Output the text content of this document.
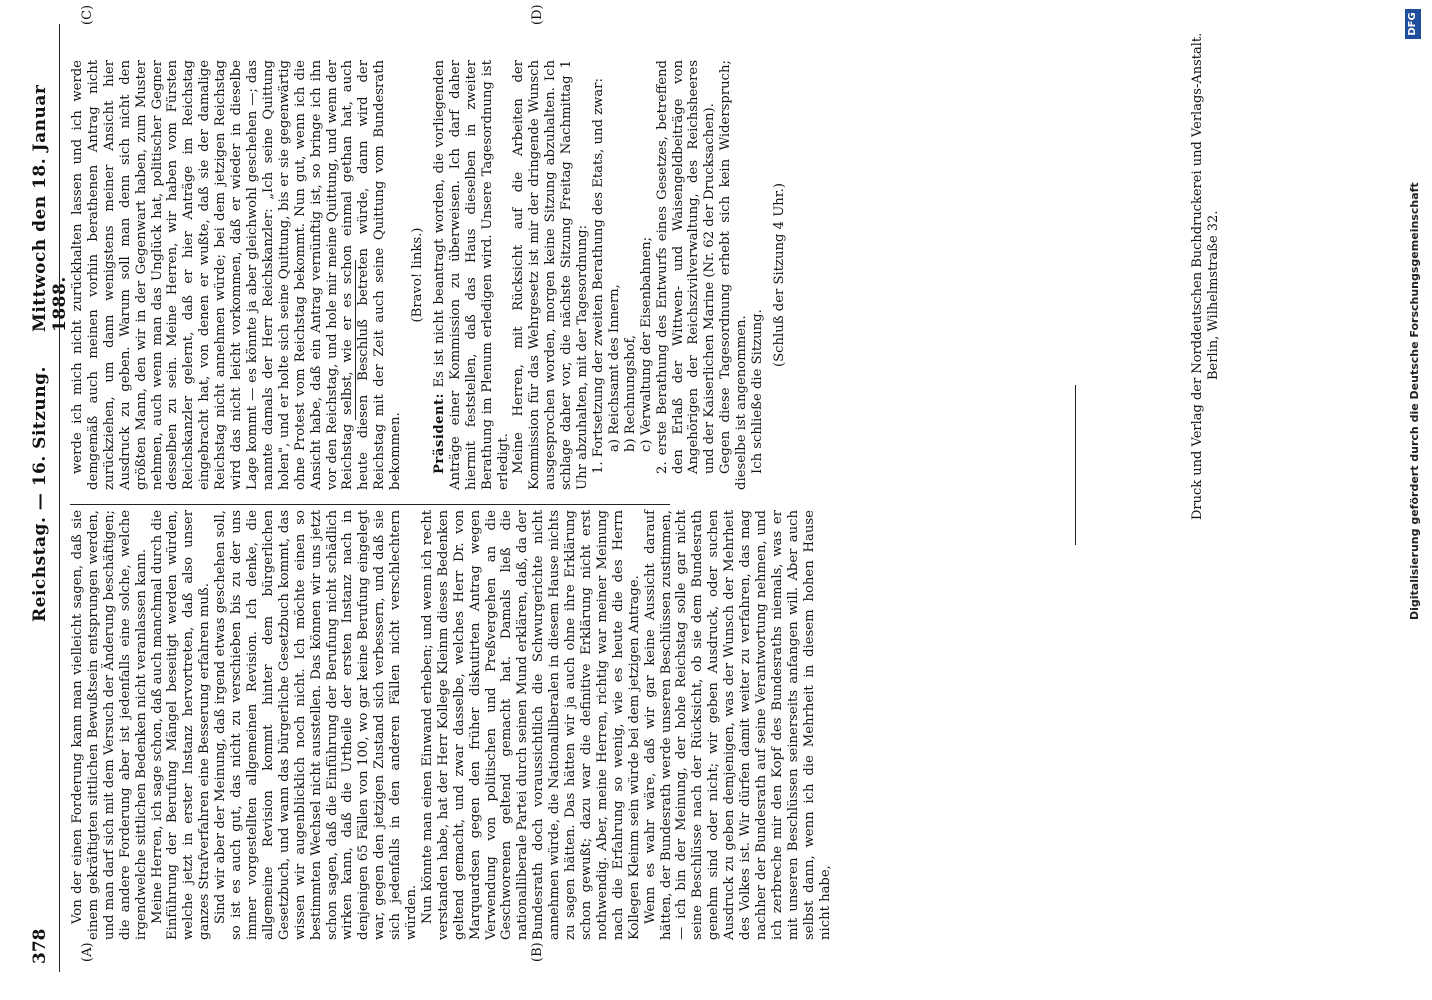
378
Reichstag. — 16. Sitzung.
Mittwoch den 18. Januar 1888.
(A)	(B)
(C)	(D)

Von der einen Forderung kann man vielleicht sagen, daß sie einem gekräftigten sittlichen Bewußtsein entsprungen werden, und man darf sich mit dem Versuch der Änderung beschäftigen; die andere Forderung aber ist jedenfalls eine solche, welche irgendwelche sittlichen Bedenken nicht veranlassen kann. Meine Herren, ich sage schon, daß auch manchmal durch die Einführung der Berufung Mängel beseitigt werden würden, welche jetzt in erster Instanz hervortreten, daß also unser ganzes Strafverfahren eine Besserung erfahren muß. Sind wir aber der Meinung, daß irgend etwas geschehen soll, so ist es auch gut, das nicht zu verschieben bis zu der uns immer vorgestellten allgemeinen Revision. Ich denke, die allgemeine Revision kommt hinter dem bürgerlichen Gesetzbuch, und wann das bürgerliche Gesetzbuch kommt, das wissen wir augenblicklich noch nicht. Ich möchte einen so bestimmten Wechsel nicht ausstellen. Das können wir uns jetzt schon sagen, daß die Einführung der Berufung nicht schädlich wirken kann, daß die Urtheile der ersten Instanz nach in denjenigen 65 Fällen von 100, wo gar keine Berufung eingelegt war, gegen den jetzigen Zustand sich verbessern, und daß sie sich jedenfalls in den anderen Fällen nicht verschlechtern würden. Nun könnte man einen Einwand erheben; und wenn ich recht verstanden habe, hat der Herr Kollege Kleinm dieses Bedenken geltend gemacht, und zwar dasselbe, welches Herr Dr. von Marquardsen gegen den früher diskutirten Antrag wegen Verwendung von politischen und Preßvergehen an die Geschworenen geltend gemacht hat. Damals ließ die nationalliberale Partei durch seinen Mund erklären, daß, da der Bundesrath doch voraussichtlich die Schwurgerichte nicht annehmen würde, die Nationalliberalen in diesem Hause nichts zu sagen hätten. Das hätten wir ja auch ohne ihre Erklärung schon gewußt; dazu war die definitive Erklärung nicht erst nothwendig. Aber, meine Herren, richtig war meiner Meinung nach die Erfahrung so wenig, wie es heute die des Herrn Kollegen Kleinm sein würde bei dem jetzigen Antrage. Wenn es wahr wäre, daß wir gar keine Aussicht darauf hätten, der Bundesrath werde unseren Beschlüssen zustimmen, — ich bin der Meinung, der hohe Reichstag solle gar nicht seine Beschlüsse nach der Rücksicht, ob sie dem Bundesrath genehm sind oder nicht; wir geben Ausdruck, oder suchen Ausdruck zu geben demjenigen, was der Wunsch der Mehrheit des Volkes ist. Wir dürfen damit weiter zu verfahren, das mag nachher der Bundesrath auf seine Verantwortung nehmen, und ich zerbreche mir den Kopf des Bundesraths niemals, was er mit unseren Beschlüssen seinerseits anfangen will. Aber auch selbst dann, wenn ich die Mehrheit in diesem hohen Hause nicht habe,

werde ich mich nicht zurückhalten lassen und ich werde demgemäß auch meinen vorhin berathenen Antrag nicht zurückziehen, um dann wenigstens meiner Ansicht hier Ausdruck zu geben. Warum soll man denn sich nicht den größten Mann, den wir in der Gegenwart haben, zum Muster nehmen, auch wenn man das Unglück hat, politischer Gegner desselben zu sein. Meine Herren, wir haben vom Fürsten Reichskanzler gelernt, daß er hier Anträge im Reichstag eingebracht hat, von denen er wußte, daß sie der damalige Reichstag nicht annehmen würde; bei dem jetzigen Reichstag wird das nicht leicht vorkommen, daß er wieder in dieselbe Lage kommt — es könnte ja aber gleichwohl geschehen —; das nannte damals der Herr Reichskanzler: „Ich seine Quittung holen", und er holte sich seine Quittung, bis er sie gegenwärtig ohne Protest vom Reichstag bekommt. Nun gut, wenn ich die Ansicht habe, daß ein Antrag vernünftig ist, so bringe ich ihn vor den Reichstag, und hole mir meine Quittung, und wenn der Reichstag selbst, wie er es schon einmal gethan hat, auch heute diesen Beschluß betreten würde, dann wird der Reichstag mit der Zeit auch seine Quittung vom Bundesrath bekommen.

(Bravo! links.)

Präsident: Es ist nicht beantragt worden, die vorliegenden Anträge einer Kommission zu überweisen. Ich darf daher hiermit feststellen, daß das Haus dieselben in zweiter Berathung im Plenum erledigen wird. Unsere Tagesordnung ist erledigt. Meine Herren, mit Rücksicht auf die Arbeiten der Kommission für das Wehrgesetz ist mir der dringende Wunsch ausgesprochen worden, morgen keine Sitzung abzuhalten. Ich schlage daher vor, die nächste Sitzung Freitag Nachmittag 1 Uhr abzuhalten, mit der Tagesordnung: 1. Fortsetzung der zweiten Berathung des Etats, und zwar: a) Reichsamt des Innern, b) Rechnungshof, c) Verwaltung der Eisenbahnen; 2. erste Berathung des Entwurfs eines Gesetzes, betreffend den Erlaß der Wittwen- und Waisengeldbeiträge von Angehörigen der Reichszivilverwaltung, des Reichsheeres und der Kaiserlichen Marine (Nr. 62 der Drucksachen). Gegen diese Tagesordnung erhebt sich kein Widerspruch; dieselbe ist angenommen. Ich schließe die Sitzung.

(Schluß der Sitzung 4 Uhr.)	Druck und Verlag der Norddeutschen Buchdruckerei und Verlags-Anstalt. Berlin, Wilhelmstraße 32.	Digitalisierung gefördert durch die Deutsche Forschungsgemeinschaft
DFG
